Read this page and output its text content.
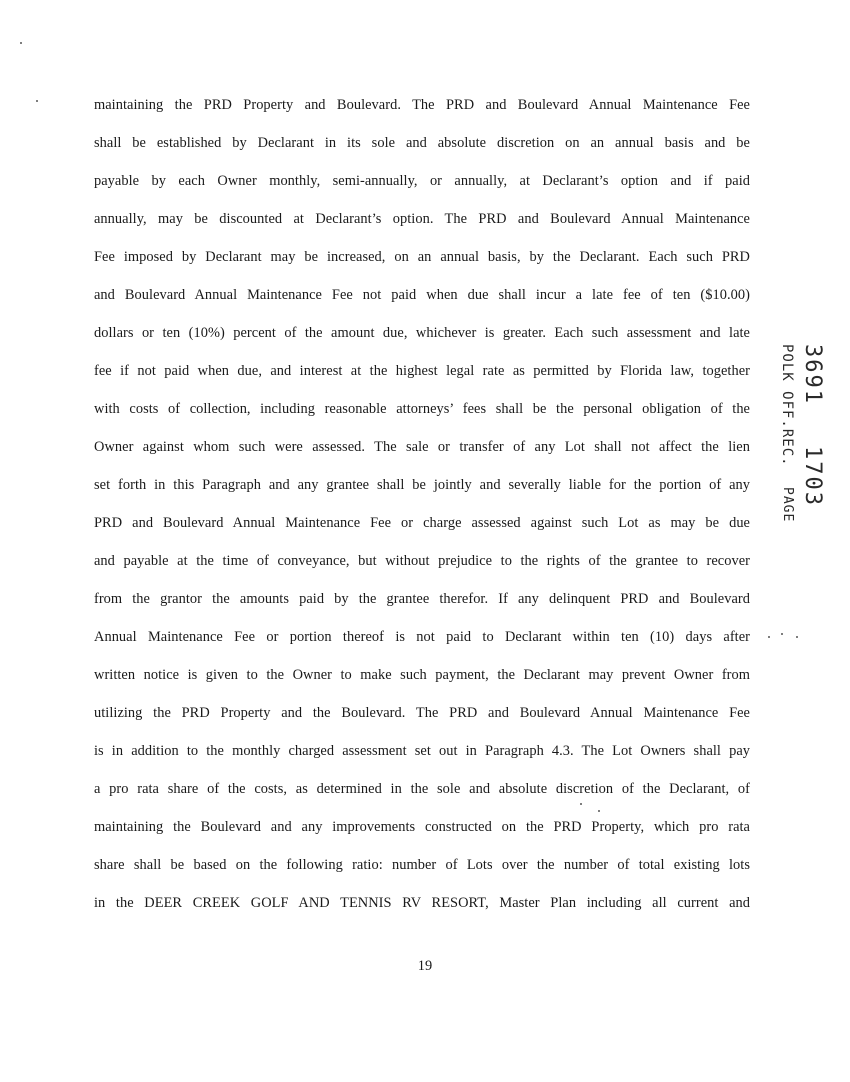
maintaining the PRD Property and Boulevard. The PRD and Boulevard Annual Maintenance Fee
shall be established by Declarant in its sole and absolute discretion on an annual basis and be
payable by each Owner monthly, semi-annually, or annually, at Declarant’s option and if paid
annually, may be discounted at Declarant’s option. The PRD and Boulevard Annual Maintenance
Fee imposed by Declarant may be increased, on an annual basis, by the Declarant. Each such PRD
and Boulevard Annual Maintenance Fee not paid when due shall incur a late fee of ten ($10.00)
dollars or ten (10%) percent of the amount due, whichever is greater. Each such assessment and late
fee if not paid when due, and interest at the highest legal rate as permitted by Florida law, together
with costs of collection, including reasonable attorneys’ fees shall be the personal obligation of the
Owner against whom such were assessed. The sale or transfer of any Lot shall not affect the lien
set forth in this Paragraph and any grantee shall be jointly and severally liable for the portion of any
PRD and Boulevard Annual Maintenance Fee or charge assessed against such Lot as may be due
and payable at the time of conveyance, but without prejudice to the rights of the grantee to recover
from the grantor the amounts paid by the grantee therefor. If any delinquent PRD and Boulevard
Annual Maintenance Fee or portion thereof is not paid to Declarant within ten (10) days after
written notice is given to the Owner to make such payment, the Declarant may prevent Owner from
utilizing the PRD Property and the Boulevard. The PRD and Boulevard Annual Maintenance Fee
is in addition to the monthly charged assessment set out in Paragraph 4.3. The Lot Owners shall pay
a pro rata share of the costs, as determined in the sole and absolute discretion of the Declarant, of
maintaining the Boulevard and any improvements constructed on the PRD Property, which pro rata
share shall be based on the following ratio: number of Lots over the number of total existing lots
in the DEER CREEK GOLF AND TENNIS RV RESORT, Master Plan including all current and
19
3691
1703
POLK OFF.REC.
PAGE
